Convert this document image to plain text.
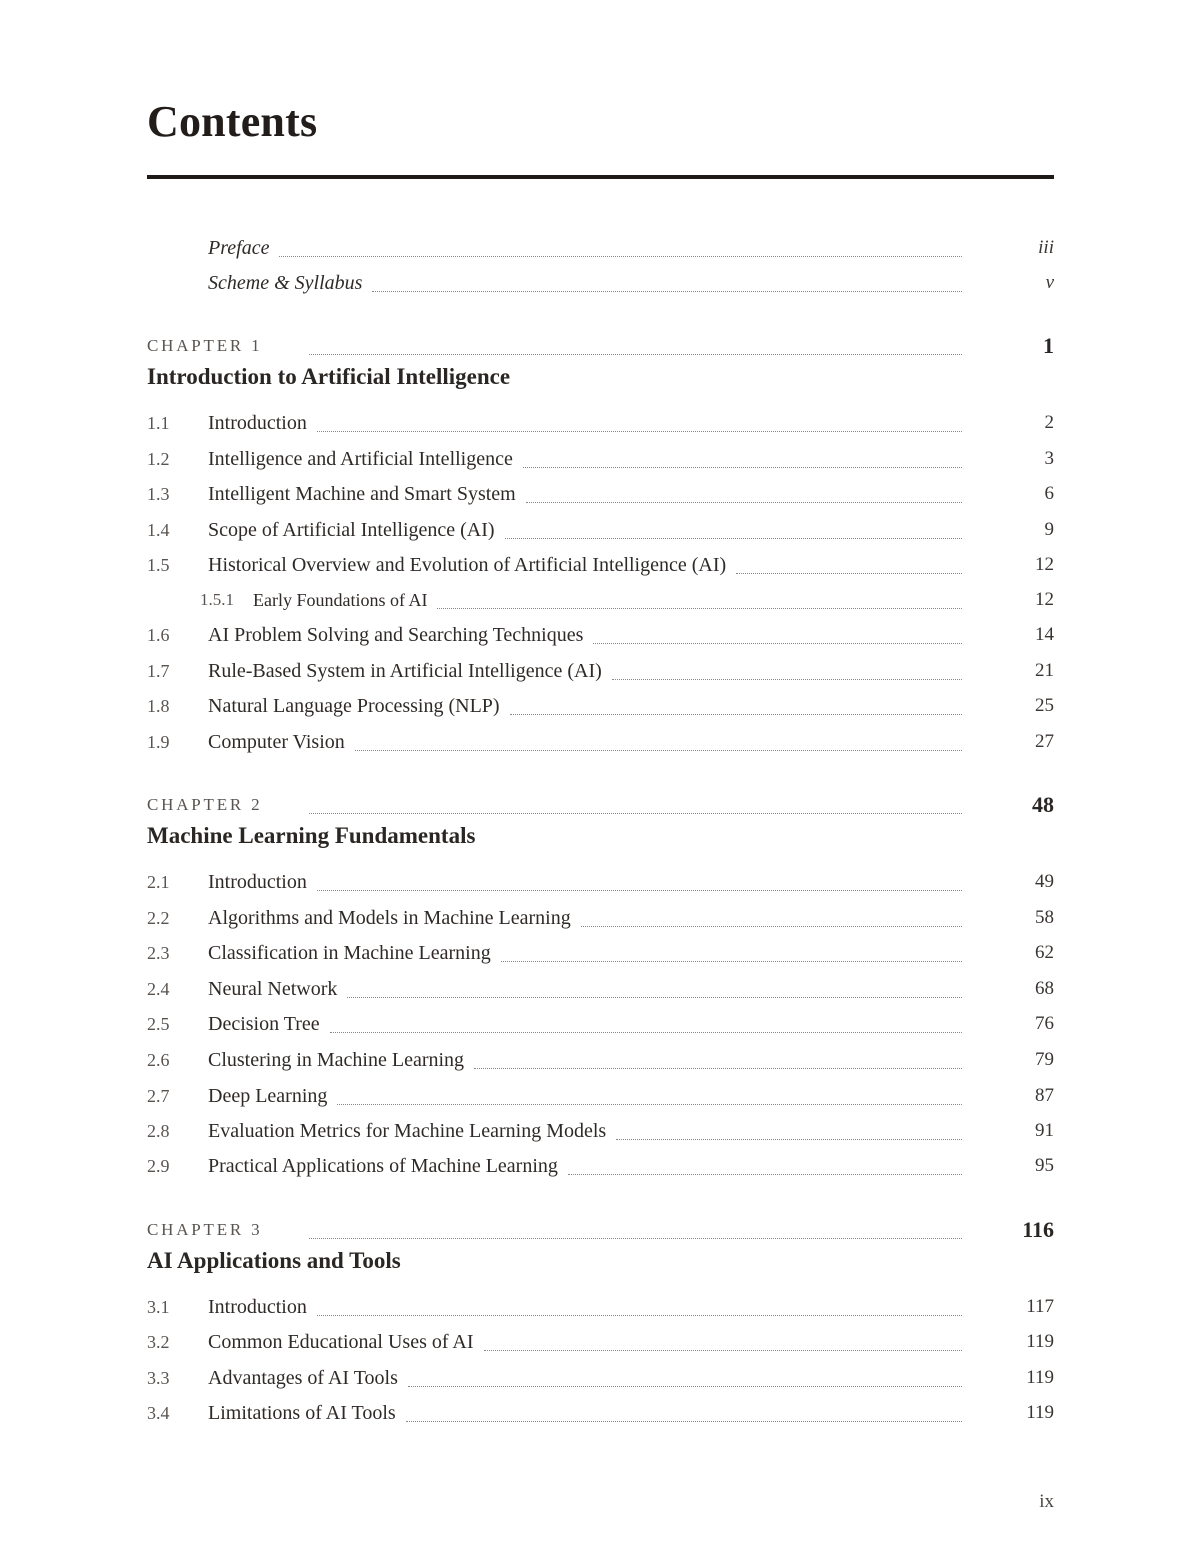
Contents
Preface	iii
Scheme & Syllabus	v
CHAPTER 1	1
Introduction to Artificial Intelligence
1.1	Introduction	2
1.2	Intelligence and Artificial Intelligence	3
1.3	Intelligent Machine and Smart System	6
1.4	Scope of Artificial Intelligence (AI)	9
1.5	Historical Overview and Evolution of Artificial Intelligence (AI)	12
1.5.1	Early Foundations of AI	12
1.6	AI Problem Solving and Searching Techniques	14
1.7	Rule-Based System in Artificial Intelligence (AI)	21
1.8	Natural Language Processing (NLP)	25
1.9	Computer Vision	27
CHAPTER 2	48
Machine Learning Fundamentals
2.1	Introduction	49
2.2	Algorithms and Models in Machine Learning	58
2.3	Classification in Machine Learning	62
2.4	Neural Network	68
2.5	Decision Tree	76
2.6	Clustering in Machine Learning	79
2.7	Deep Learning	87
2.8	Evaluation Metrics for Machine Learning Models	91
2.9	Practical Applications of Machine Learning	95
CHAPTER 3	116
AI Applications and Tools
3.1	Introduction	117
3.2	Common Educational Uses of AI	119
3.3	Advantages of AI Tools	119
3.4	Limitations of AI Tools	119
ix
